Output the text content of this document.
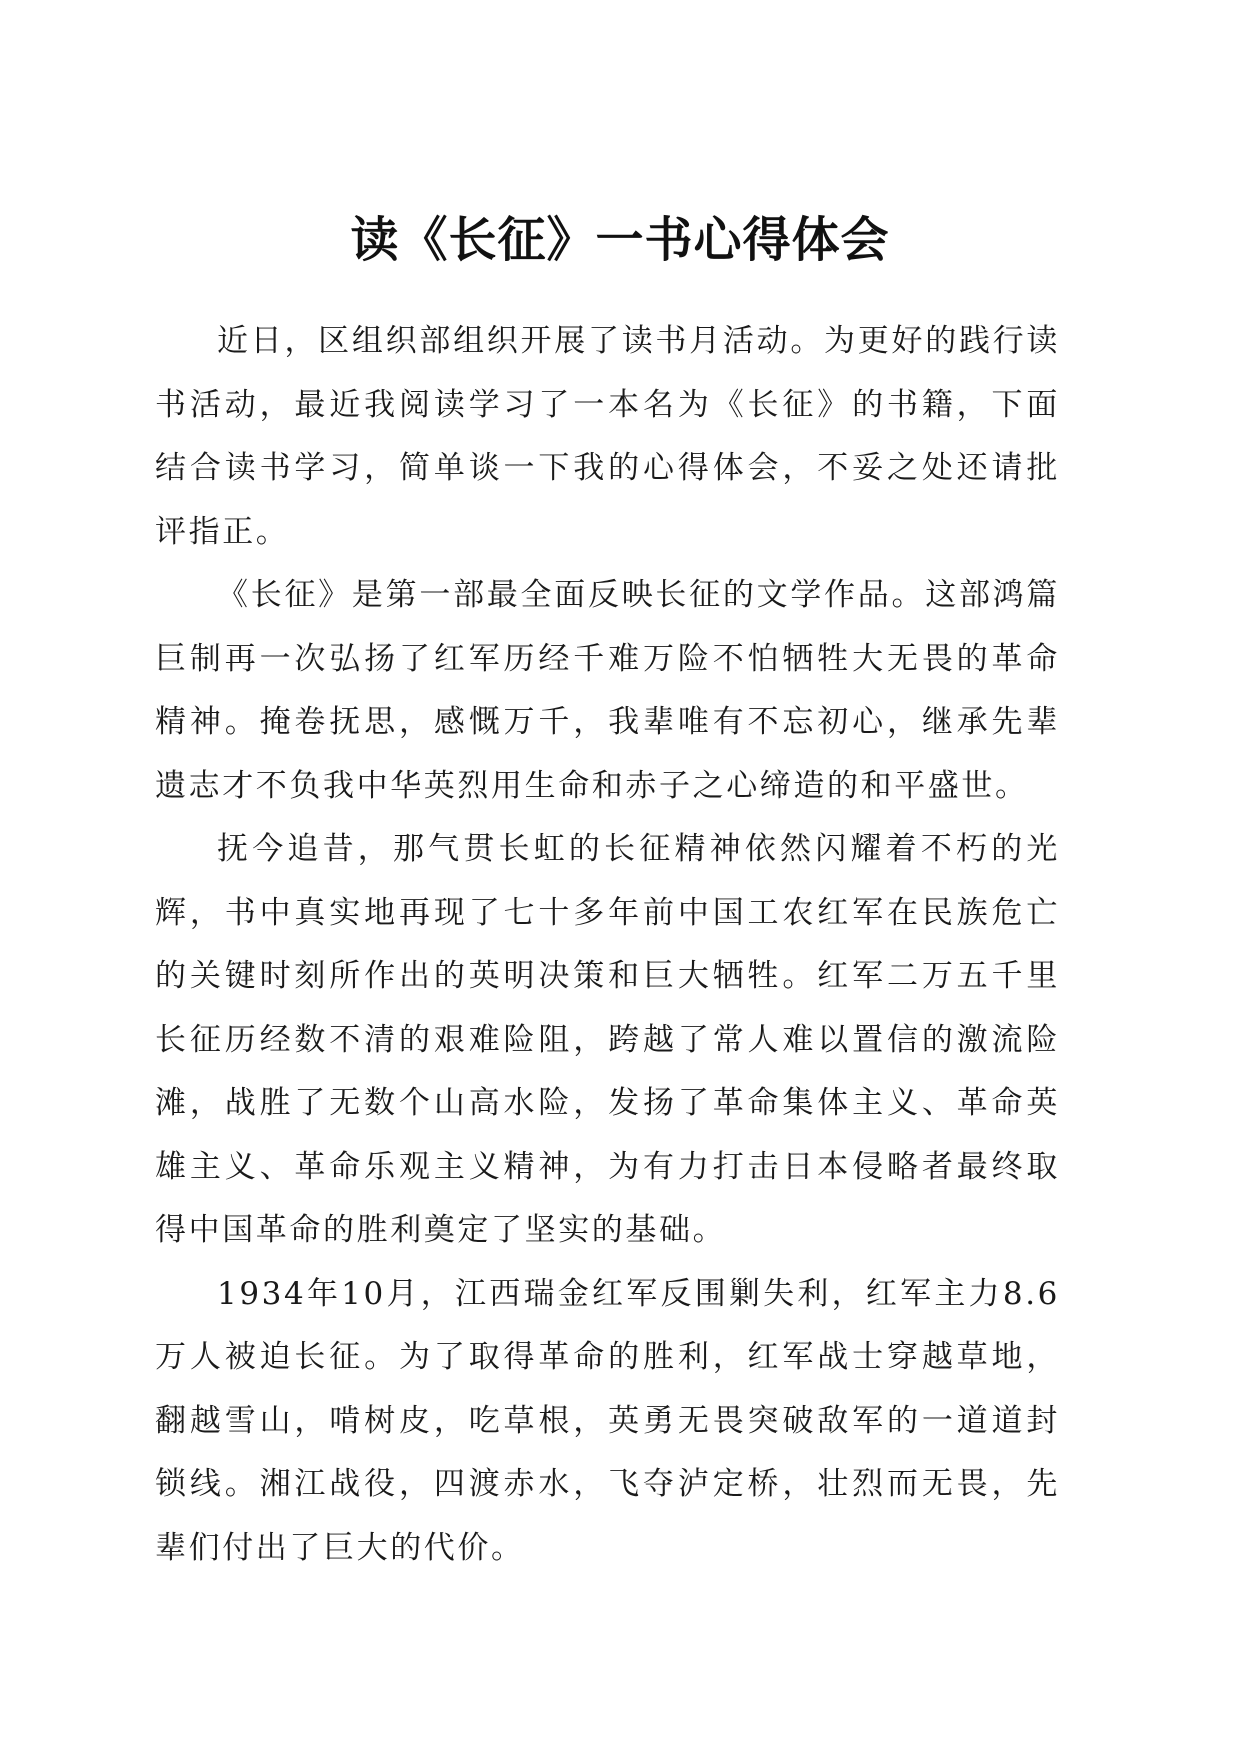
读《长征》一书心得体会

近日，区组织部组织开展了读书月活动。为更好的践行读书活动，最近我阅读学习了一本名为《长征》的书籍，下面结合读书学习，简单谈一下我的心得体会，不妥之处还请批评指正。

《长征》是第一部最全面反映长征的文学作品。这部鸿篇巨制再一次弘扬了红军历经千难万险不怕牺牲大无畏的革命精神。掩卷抚思，感慨万千，我辈唯有不忘初心，继承先辈遗志才不负我中华英烈用生命和赤子之心缔造的和平盛世。

抚今追昔，那气贯长虹的长征精神依然闪耀着不朽的光辉，书中真实地再现了七十多年前中国工农红军在民族危亡的关键时刻所作出的英明决策和巨大牺牲。红军二万五千里长征历经数不清的艰难险阻，跨越了常人难以置信的激流险滩，战胜了无数个山高水险，发扬了革命集体主义、革命英雄主义、革命乐观主义精神，为有力打击日本侵略者最终取得中国革命的胜利奠定了坚实的基础。

1934年10月，江西瑞金红军反围剿失利，红军主力8.6万人被迫长征。为了取得革命的胜利，红军战士穿越草地，翻越雪山，啃树皮，吃草根，英勇无畏突破敌军的一道道封锁线。湘江战役，四渡赤水，飞夺泸定桥，壮烈而无畏，先辈们付出了巨大的代价。
